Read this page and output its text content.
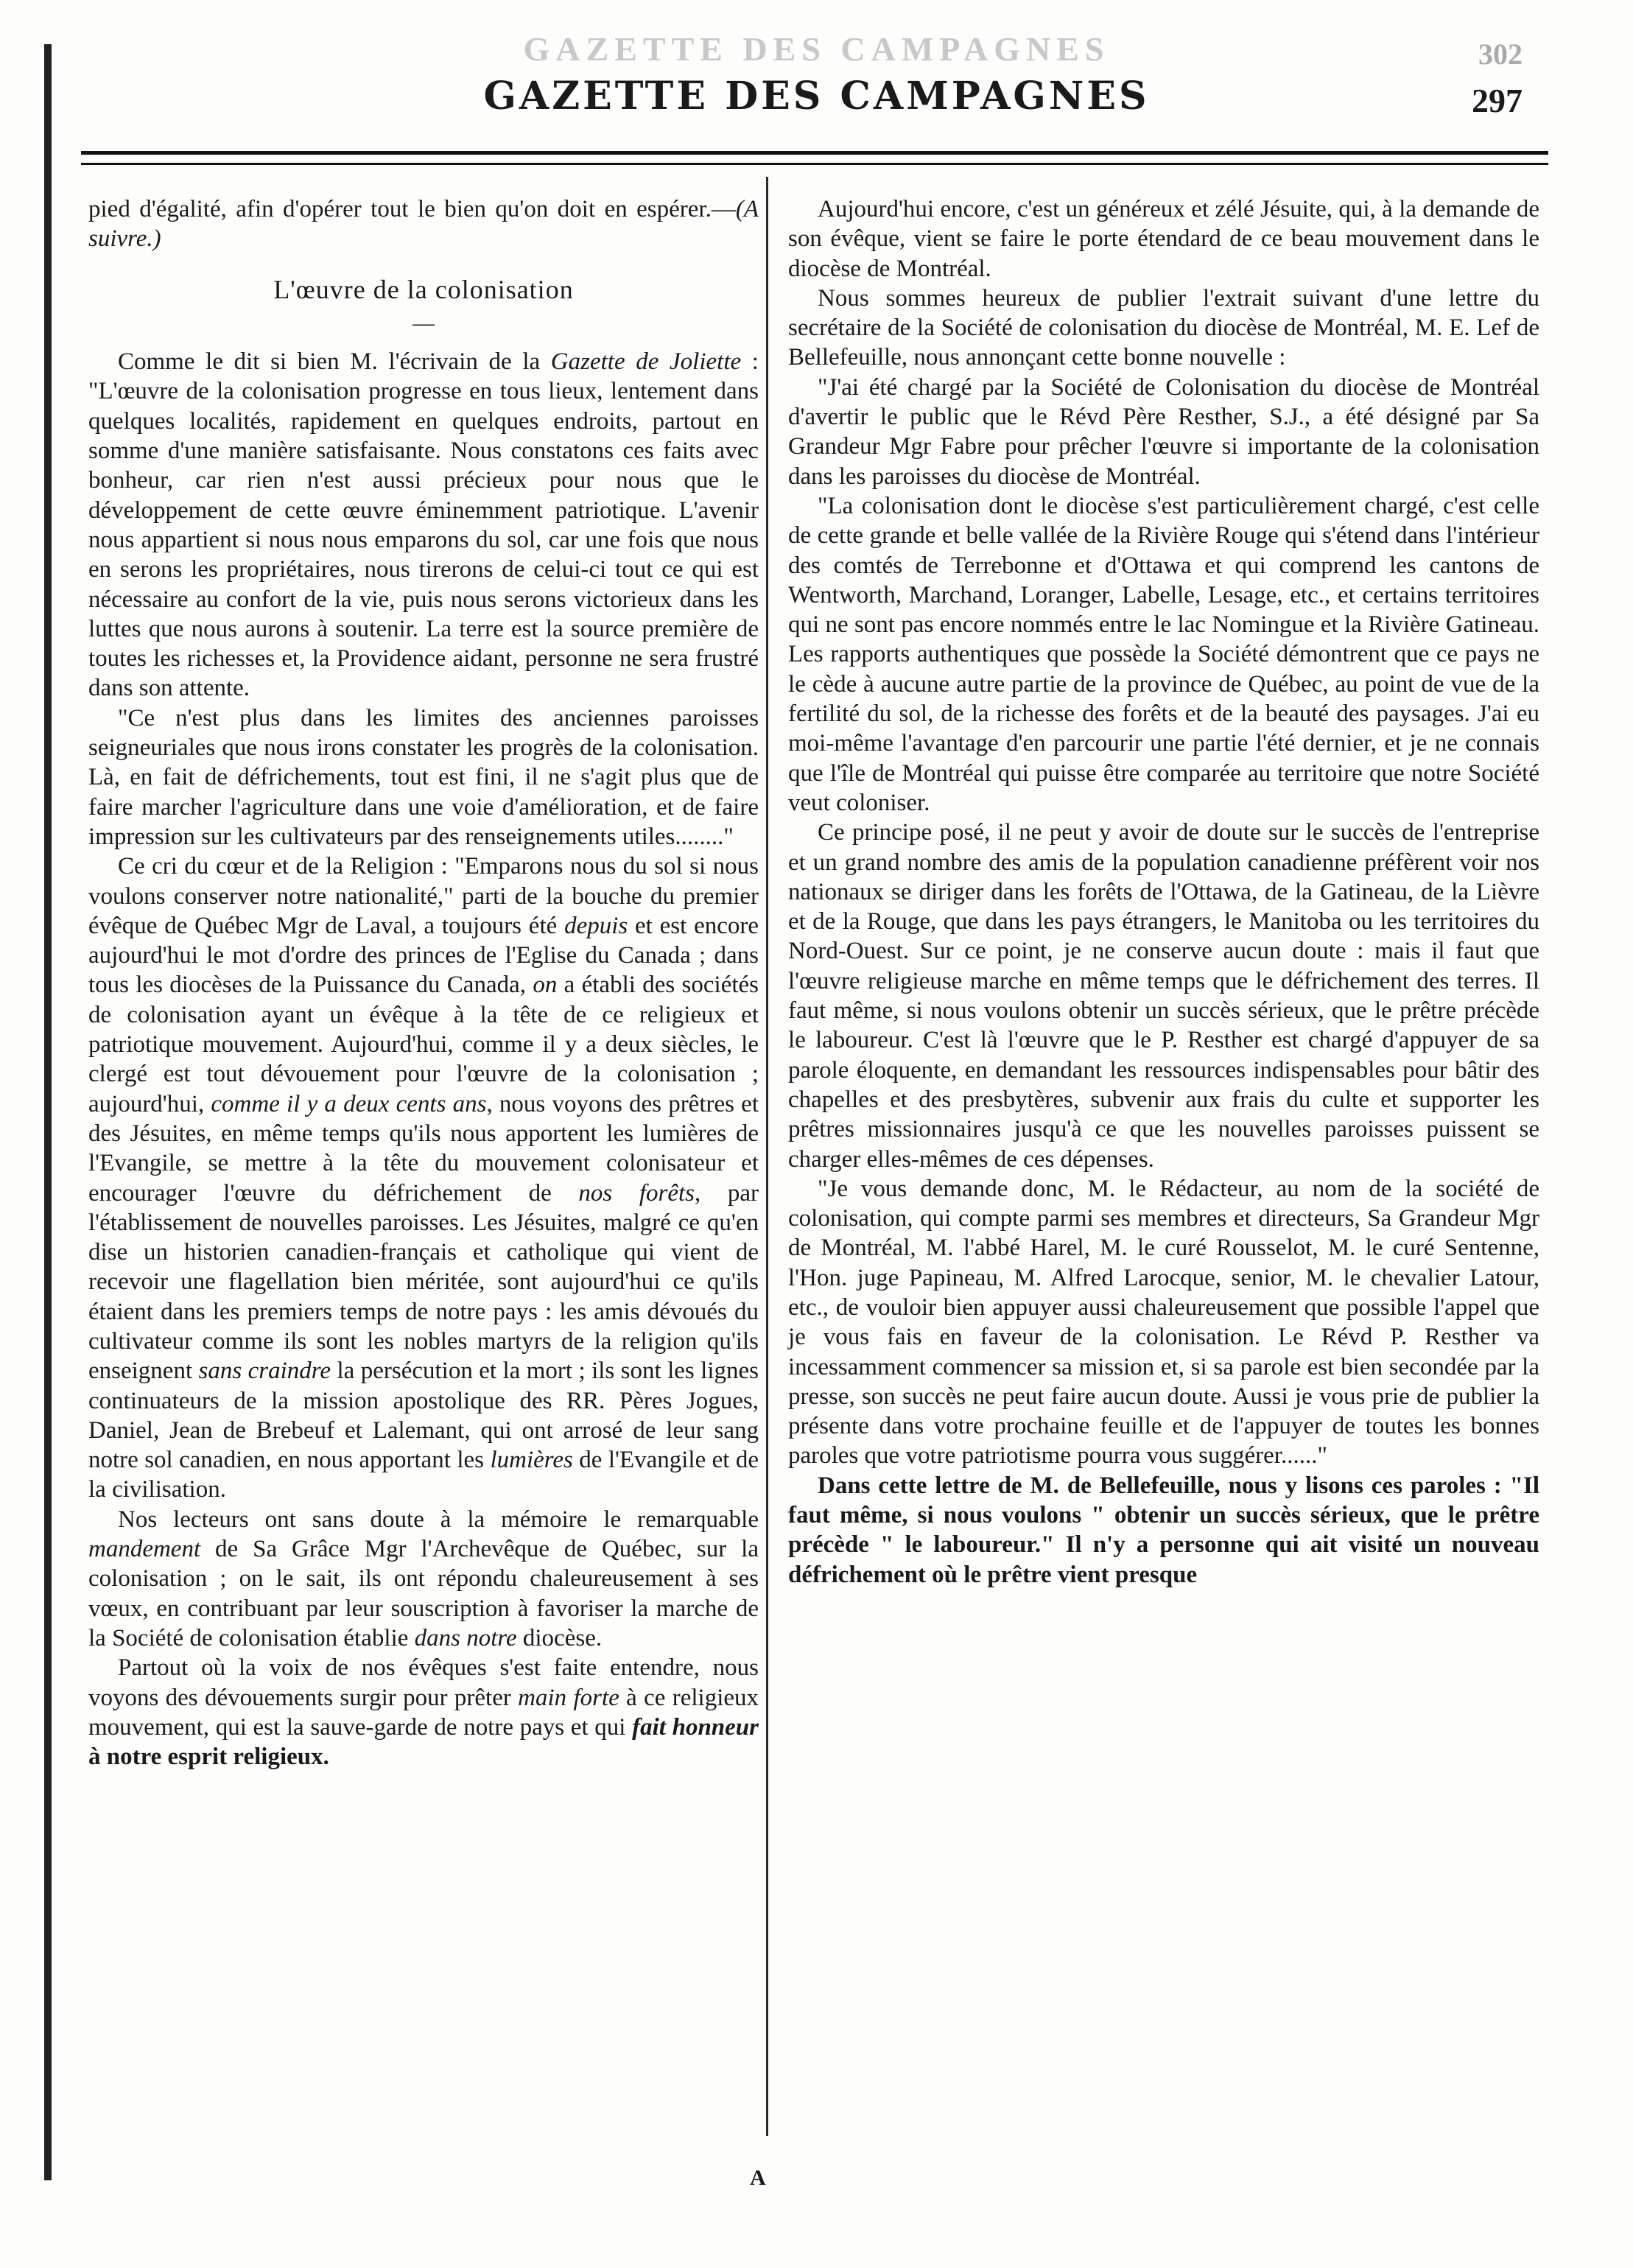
GAZETTE DES CAMPAGNES	302
GAZETTE DES CAMPAGNES	297

pied d'égalité, afin d'opérer tout le bien qu'on doit en espérer.—(A suivre.)

L'œuvre de la colonisation
—

Comme le dit si bien M. l'écrivain de la Gazette de Joliette : "L'œuvre de la colonisation progresse en tous lieux, lentement dans quelques localités, rapidement en quelques endroits, partout en somme d'une manière satisfaisante. Nous constatons ces faits avec bonheur, car rien n'est aussi précieux pour nous que le développement de cette œuvre éminemment patriotique. L'avenir nous appartient si nous nous emparons du sol, car une fois que nous en serons les propriétaires, nous tirerons de celui-ci tout ce qui est nécessaire au confort de la vie, puis nous serons victorieux dans les luttes que nous aurons à soutenir. La terre est la source première de toutes les richesses et, la Providence aidant, personne ne sera frustré dans son attente.

"Ce n'est plus dans les limites des anciennes paroisses seigneuriales que nous irons constater les progrès de la colonisation. Là, en fait de défrichements, tout est fini, il ne s'agit plus que de faire marcher l'agriculture dans une voie d'amélioration, et de faire impression sur les cultivateurs par des renseignements utiles........"

Ce cri du cœur et de la Religion : "Emparons nous du sol si nous voulons conserver notre nationalité," parti de la bouche du premier évêque de Québec Mgr de Laval, a toujours été depuis et est encore aujourd'hui le mot d'ordre des princes de l'Eglise du Canada ; dans tous les diocèses de la Puissance du Canada, on a établi des sociétés de colonisation ayant un évêque à la tête de ce religieux et patriotique mouvement. Aujourd'hui, comme il y a deux siècles, le clergé est tout dévouement pour l'œuvre de la colonisation ; aujourd'hui, comme il y a deux cents ans, nous voyons des prêtres et des Jésuites, en même temps qu'ils nous apportent les lumières de l'Evangile, se mettre à la tête du mouvement colonisateur et encourager l'œuvre du défrichement de nos forêts, par l'établissement de nouvelles paroisses. Les Jésuites, malgré ce qu'en dise un historien canadien-français et catholique qui vient de recevoir une flagellation bien méritée, sont aujourd'hui ce qu'ils étaient dans les premiers temps de notre pays : les amis dévoués du cultivateur comme ils sont les nobles martyrs de la religion qu'ils enseignent sans craindre la persécution et la mort ; ils sont les lignes continuateurs de la mission apostolique des RR. Pères Jogues, Daniel, Jean de Brebeuf et Lalemant, qui ont arrosé de leur sang notre sol canadien, en nous apportant les lumières de l'Evangile et de la civilisation.

Nos lecteurs ont sans doute à la mémoire le remarquable mandement de Sa Grâce Mgr l'Archevêque de Québec, sur la colonisation ; on le sait, ils ont répondu chaleureusement à ses vœux, en contribuant par leur souscription à favoriser la marche de la Société de colonisation établie dans notre diocèse.

Partout où la voix de nos évêques s'est faite entendre, nous voyons des dévouements surgir pour prêter main forte à ce religieux mouvement, qui est la sauve-garde de notre pays et qui fait honneur à notre esprit religieux.

Aujourd'hui encore, c'est un généreux et zélé Jésuite, qui, à la demande de son évêque, vient se faire le porte étendard de ce beau mouvement dans le diocèse de Montréal.

Nous sommes heureux de publier l'extrait suivant d'une lettre du secrétaire de la Société de colonisation du diocèse de Montréal, M. E. Lef de Bellefeuille, nous annonçant cette bonne nouvelle :

"J'ai été chargé par la Société de Colonisation du diocèse de Montréal d'avertir le public que le Révd Père Resther, S.J., a été désigné par Sa Grandeur Mgr Fabre pour prêcher l'œuvre si importante de la colonisation dans les paroisses du diocèse de Montréal.

"La colonisation dont le diocèse s'est particulièrement chargé, c'est celle de cette grande et belle vallée de la Rivière Rouge qui s'étend dans l'intérieur des comtés de Terrebonne et d'Ottawa et qui comprend les cantons de Wentworth, Marchand, Loranger, Labelle, Lesage, etc., et certains territoires qui ne sont pas encore nommés entre le lac Nomingue et la Rivière Gatineau. Les rapports authentiques que possède la Société démontrent que ce pays ne le cède à aucune autre partie de la province de Québec, au point de vue de la fertilité du sol, de la richesse des forêts et de la beauté des paysages. J'ai eu moi-même l'avantage d'en parcourir une partie l'été dernier, et je ne connais que l'île de Montréal qui puisse être comparée au territoire que notre Société veut coloniser.

Ce principe posé, il ne peut y avoir de doute sur le succès de l'entreprise et un grand nombre des amis de la population canadienne préfèrent voir nos nationaux se diriger dans les forêts de l'Ottawa, de la Gatineau, de la Lièvre et de la Rouge, que dans les pays étrangers, le Manitoba ou les territoires du Nord-Ouest. Sur ce point, je ne conserve aucun doute : mais il faut que l'œuvre religieuse marche en même temps que le défrichement des terres. Il faut même, si nous voulons obtenir un succès sérieux, que le prêtre précède le laboureur. C'est là l'œuvre que le P. Resther est chargé d'appuyer de sa parole éloquente, en demandant les ressources indispensables pour bâtir des chapelles et des presbytères, subvenir aux frais du culte et supporter les prêtres missionnaires jusqu'à ce que les nouvelles paroisses puissent se charger elles-mêmes de ces dépenses.

"Je vous demande donc, M. le Rédacteur, au nom de la société de colonisation, qui compte parmi ses membres et directeurs, Sa Grandeur Mgr de Montréal, M. l'abbé Harel, M. le curé Rousselot, M. le curé Sentenne, l'Hon. juge Papineau, M. Alfred Larocque, senior, M. le chevalier Latour, etc., de vouloir bien appuyer aussi chaleureusement que possible l'appel que je vous fais en faveur de la colonisation. Le Révd P. Resther va incessamment commencer sa mission et, si sa parole est bien secondée par la presse, son succès ne peut faire aucun doute. Aussi je vous prie de publier la présente dans votre prochaine feuille et de l'appuyer de toutes les bonnes paroles que votre patriotisme pourra vous suggérer......"

Dans cette lettre de M. de Bellefeuille, nous y lisons ces paroles : "Il faut même, si nous voulons " obtenir un succès sérieux, que le prêtre précède " le laboureur." Il n'y a personne qui ait visité un nouveau défrichement où le prêtre vient presque

A
